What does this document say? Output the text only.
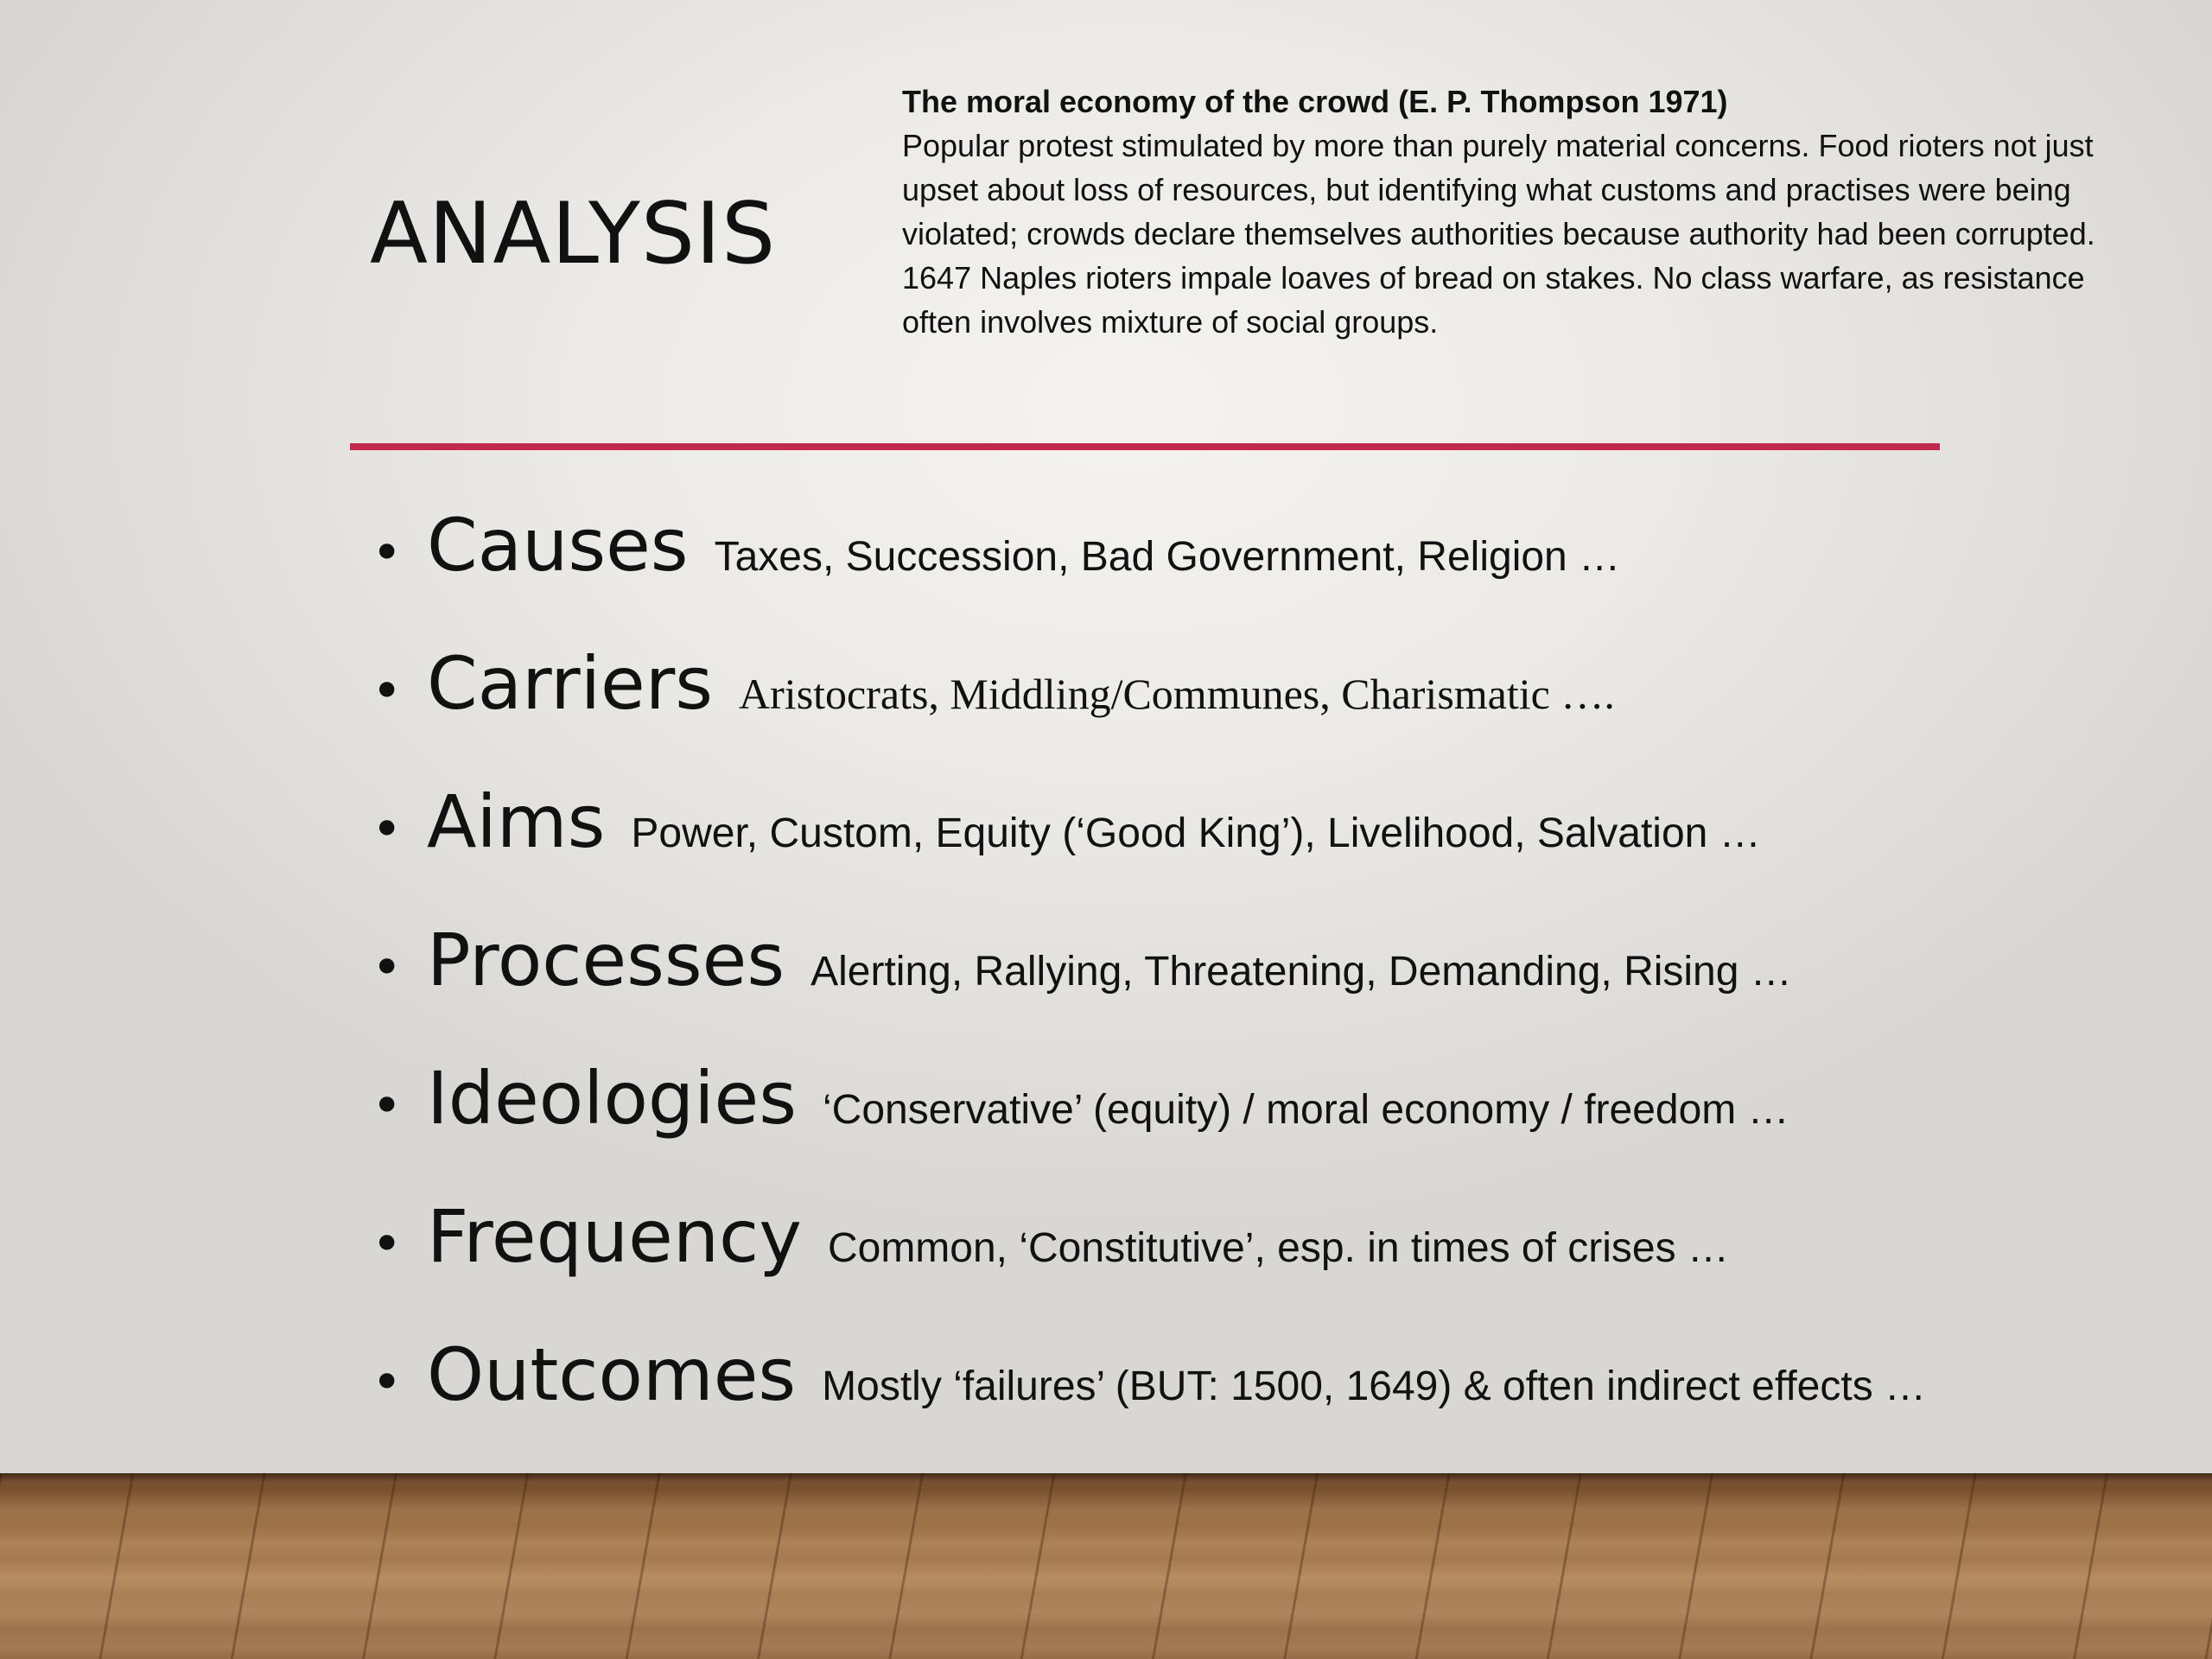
ANALYSIS
The moral economy of the crowd (E. P. Thompson 1971)
Popular protest stimulated by more than purely material concerns. Food rioters not just upset about loss of resources, but identifying what customs and practises were being violated; crowds declare themselves authorities because authority had been corrupted. 1647 Naples rioters impale loaves of bread on stakes. No class warfare, as resistance often involves mixture of social groups.
• Causes Taxes, Succession, Bad Government, Religion …
• Carriers Aristocrats, Middling/Communes, Charismatic ….
• Aims Power, Custom, Equity (‘Good King’), Livelihood, Salvation …
• Processes Alerting, Rallying, Threatening, Demanding, Rising …
• Ideologies ‘Conservative’ (equity) / moral economy / freedom …
• Frequency Common, ‘Constitutive’, esp. in times of crises …
• Outcomes Mostly ‘failures’ (BUT: 1500, 1649) & often indirect effects …
